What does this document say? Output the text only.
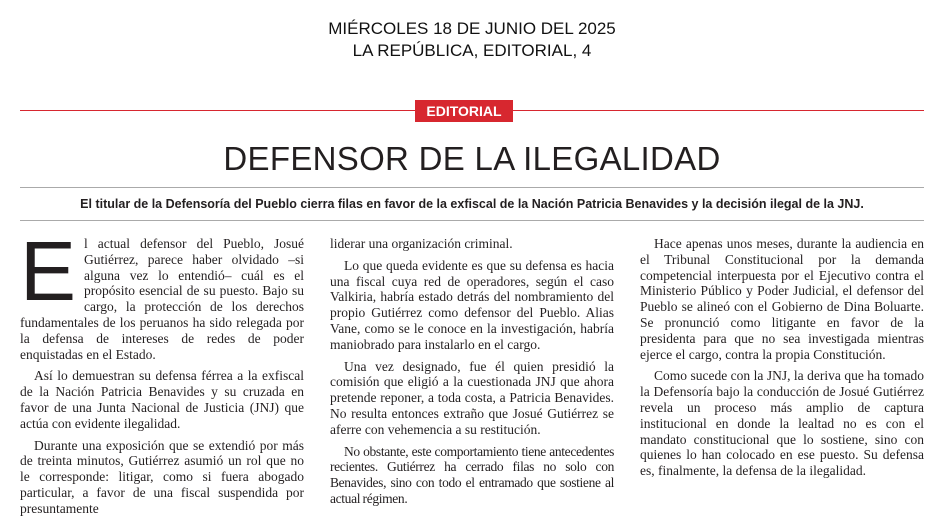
MIÉRCOLES 18 DE JUNIO DEL 2025
LA REPÚBLICA, EDITORIAL, 4
EDITORIAL
DEFENSOR DE LA ILEGALIDAD
El titular de la Defensoría del Pueblo cierra filas en favor de la exfiscal de la Nación Patricia Benavides y la decisión ilegal de la JNJ.

El actual defensor del Pueblo, Josué Gutiérrez, parece haber olvidado –si alguna vez lo entendió– cuál es el propósito esencial de su puesto. Bajo su cargo, la protección de los derechos fundamentales de los peruanos ha sido relegada por la defensa de intereses de redes de poder enquistadas en el Estado.

Así lo demuestran su defensa férrea a la exfiscal de la Nación Patricia Benavides y su cruzada en favor de una Junta Nacional de Justicia (JNJ) que actúa con evidente ilegalidad.

Durante una exposición que se extendió por más de treinta minutos, Gutiérrez asumió un rol que no le corresponde: litigar, como si fuera abogado particular, a favor de una fiscal suspendida por presuntamente

liderar una organización criminal.

Lo que queda evidente es que su defensa es hacia una fiscal cuya red de operadores, según el caso Valkiria, habría estado detrás del nombramiento del propio Gutiérrez como defensor del Pueblo. Alias Vane, como se le conoce en la investigación, habría maniobrado para instalarlo en el cargo.

Una vez designado, fue él quien presidió la comisión que eligió a la cuestionada JNJ que ahora pretende reponer, a toda costa, a Patricia Benavides. No resulta entonces extraño que Josué Gutiérrez se aferre con vehemencia a su restitución.

No obstante, este comportamiento tiene antecedentes recientes. Gutiérrez ha cerrado filas no solo con Benavides, sino con todo el entramado que sostiene al actual régimen.

Hace apenas unos meses, durante la audiencia en el Tribunal Constitucional por la demanda competencial interpuesta por el Ejecutivo contra el Ministerio Público y Poder Judicial, el defensor del Pueblo se alineó con el Gobierno de Dina Boluarte. Se pronunció como litigante en favor de la presidenta para que no sea investigada mientras ejerce el cargo, contra la propia Constitución.

Como sucede con la JNJ, la deriva que ha tomado la Defensoría bajo la conducción de Josué Gutiérrez revela un proceso más amplio de captura institucional en donde la lealtad no es con el mandato constitucional que lo sostiene, sino con quienes lo han colocado en ese puesto. Su defensa es, finalmente, la defensa de la ilegalidad.
